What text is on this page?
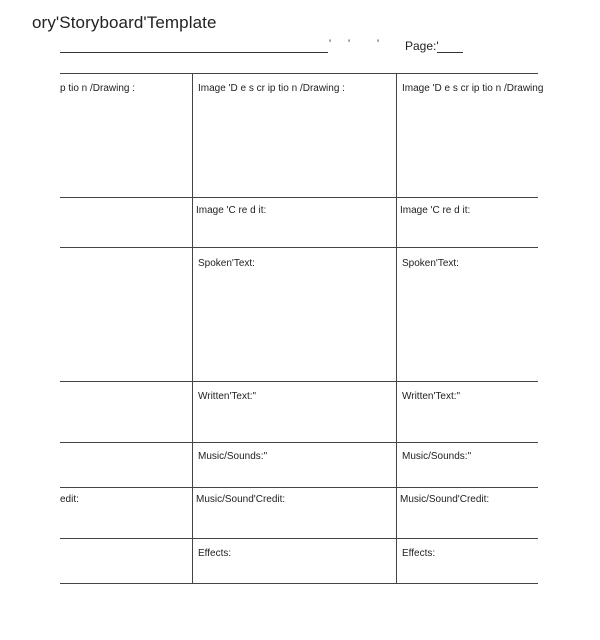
ory'Storyboard'Template
' ' ' Page:'
p tio n /Drawing :
edit:
Image 'D e s cr ip tio n /Drawing :
Image 'C re d it:
Spoken'Text:
Written'Text:"
Music/Sounds:"
Music/Sound'Credit:
Effects:
Image 'D e s cr ip tio n /Drawing
Image 'C re d it:
Spoken'Text:
Written'Text:"
Music/Sounds:"
Music/Sound'Credit:
Effects:
